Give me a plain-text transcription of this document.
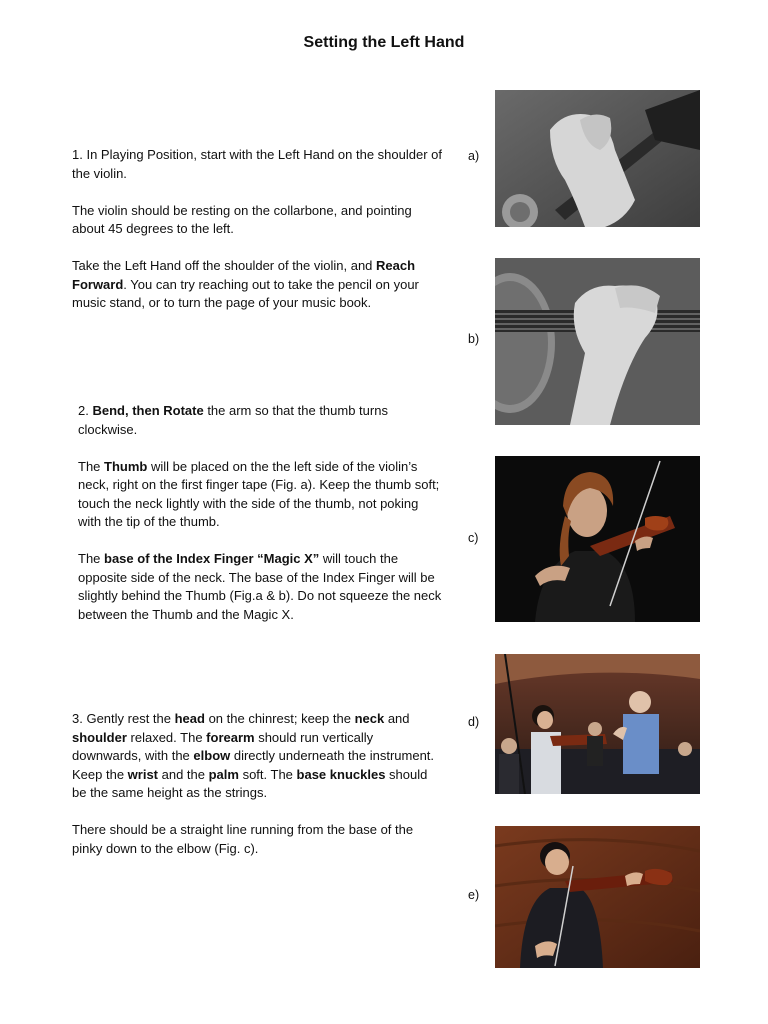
Setting the Left Hand

1. In Playing Position, start with the Left Hand on the shoulder of the violin.

The violin should be resting on the collarbone, and pointing about 45 degrees to the left.

Take the Left Hand off the shoulder of the violin, and Reach Forward. You can try reaching out to take the pencil on your music stand, or to turn the page of your music book.

2. Bend, then Rotate the arm so that the thumb turns clockwise.

The Thumb will be placed on the the left side of the violin’s neck, right on the first finger tape (Fig. a). Keep the thumb soft; touch the neck lightly with the side of the thumb, not poking with the tip of the thumb.

The base of the Index Finger “Magic X” will touch the opposite side of the neck. The base of the Index Finger will be slightly behind the Thumb (Fig.a & b). Do not squeeze the neck between the Thumb and the Magic X.

3. Gently rest the head on the chinrest; keep the neck and shoulder relaxed. The forearm should run vertically downwards, with the elbow directly underneath the instrument. Keep the wrist and the palm soft. The base knuckles should be the same height as the strings.

There should be a straight line running from the base of the pinky down to the elbow (Fig. c).

a)
b)
c)
d)
e)
